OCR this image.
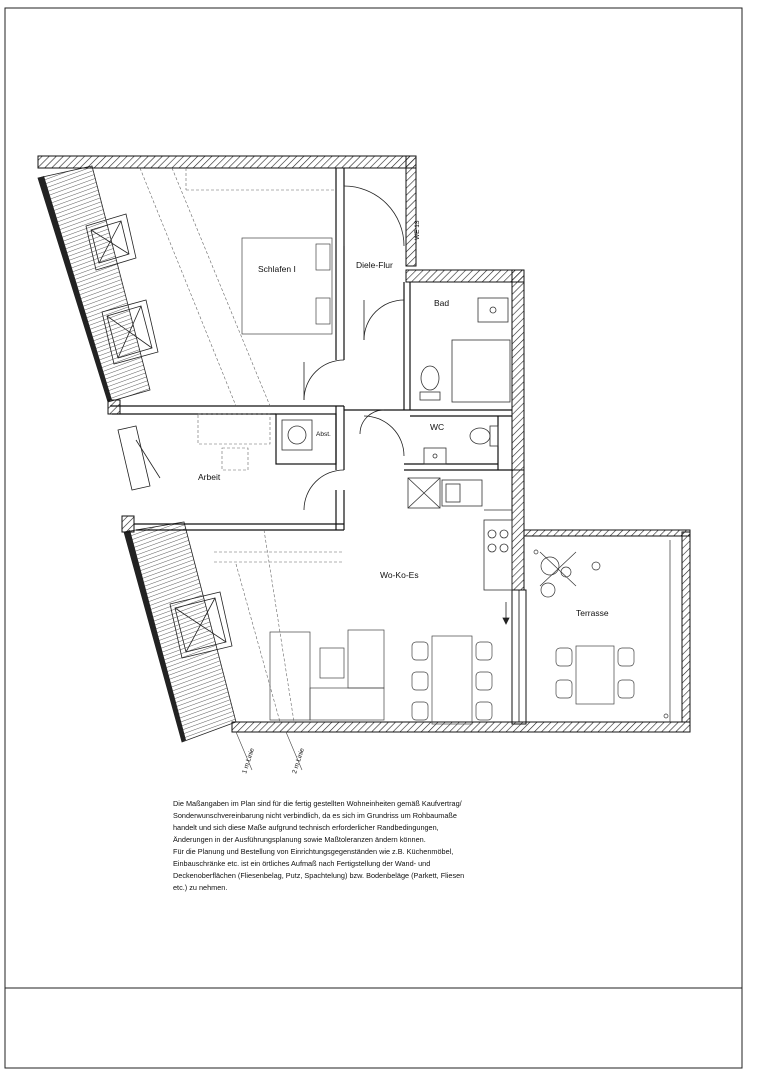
Schlafen I	Diele-Flur
Bad
Abst.
WC
Arbeit
Wo-Ko-Es
Terrasse
WE 13
1 m Linie	2 m Linie

Die Maßangaben im Plan sind für die fertig gestellten Wohneinheiten gemäß Kaufvertrag/ Sonderwunschvereinbarung nicht verbindlich, da es sich im Grundriss um Rohbaumaße handelt und sich diese Maße aufgrund technisch erforderlicher Randbedingungen, Änderungen in der Ausführungsplanung sowie Maßtoleranzen ändern können.

Für die Planung und Bestellung von Einrichtungsgegenständen wie z.B. Küchenmöbel, Einbauschränke etc. ist ein örtliches Aufmaß nach Fertigstellung der Wand- und Deckenoberflächen (Fliesenbelag, Putz, Spachtelung) bzw. Bodenbeläge (Parkett, Fliesen etc.) zu nehmen.
